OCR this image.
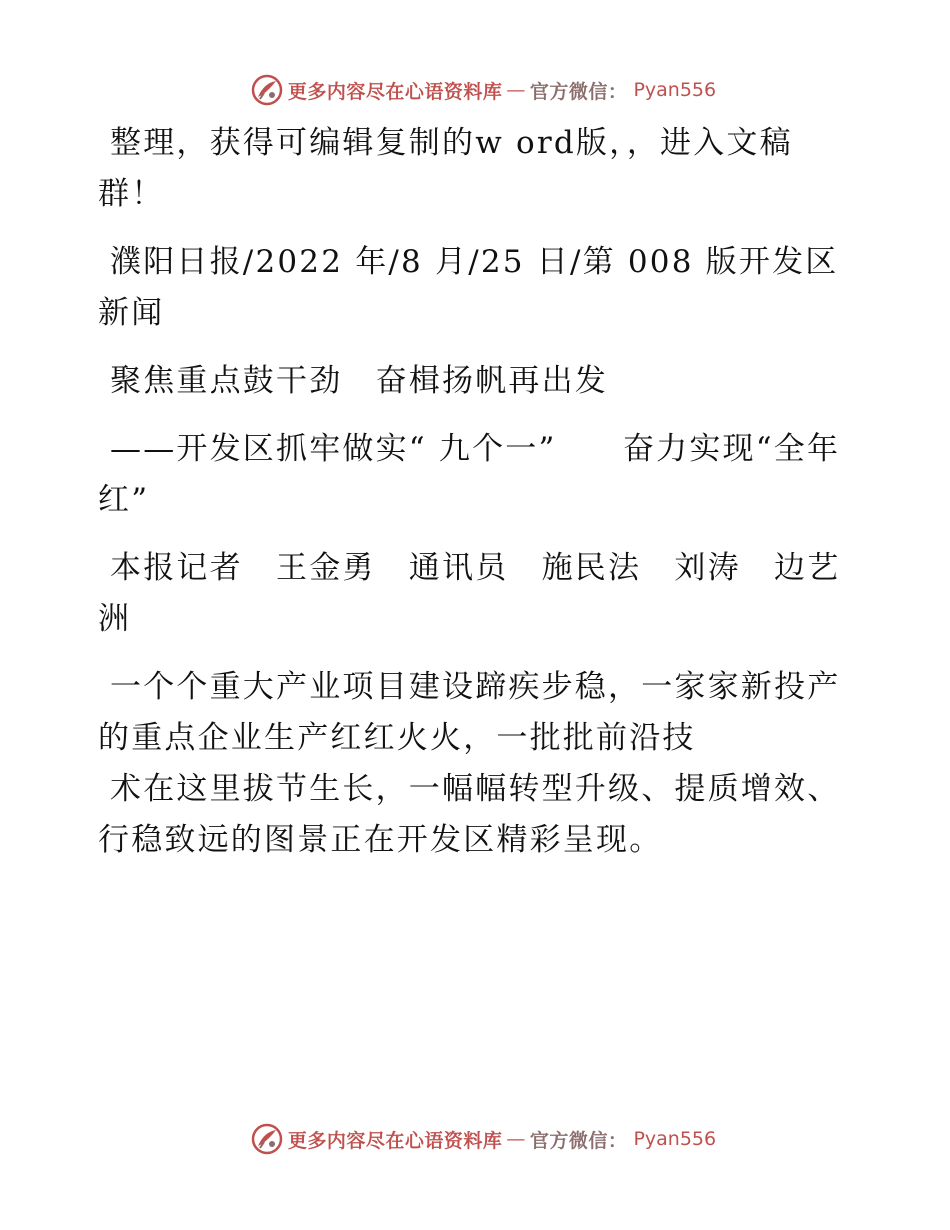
更多内容尽在心语资料库 — 官方微信： Pyan556

整理，获得可编辑复制的w ord版，，进入文稿群！

濮阳日报/2022 年/8 月/25 日/第 008 版开发区新闻

聚焦重点鼓干劲　奋楫扬帆再出发

——开发区抓牢做实“ 九个一”　　奋力实现“全年红”

本报记者　王金勇　通讯员　施民法　刘涛　边艺洲

一个个重大产业项目建设蹄疾步稳，一家家新投产的重点企业生产红红火火，一批批前沿技

术在这里拔节生长，一幅幅转型升级、提质增效、行稳致远的图景正在开发区精彩呈现。

更多内容尽在心语资料库 — 官方微信： Pyan556
